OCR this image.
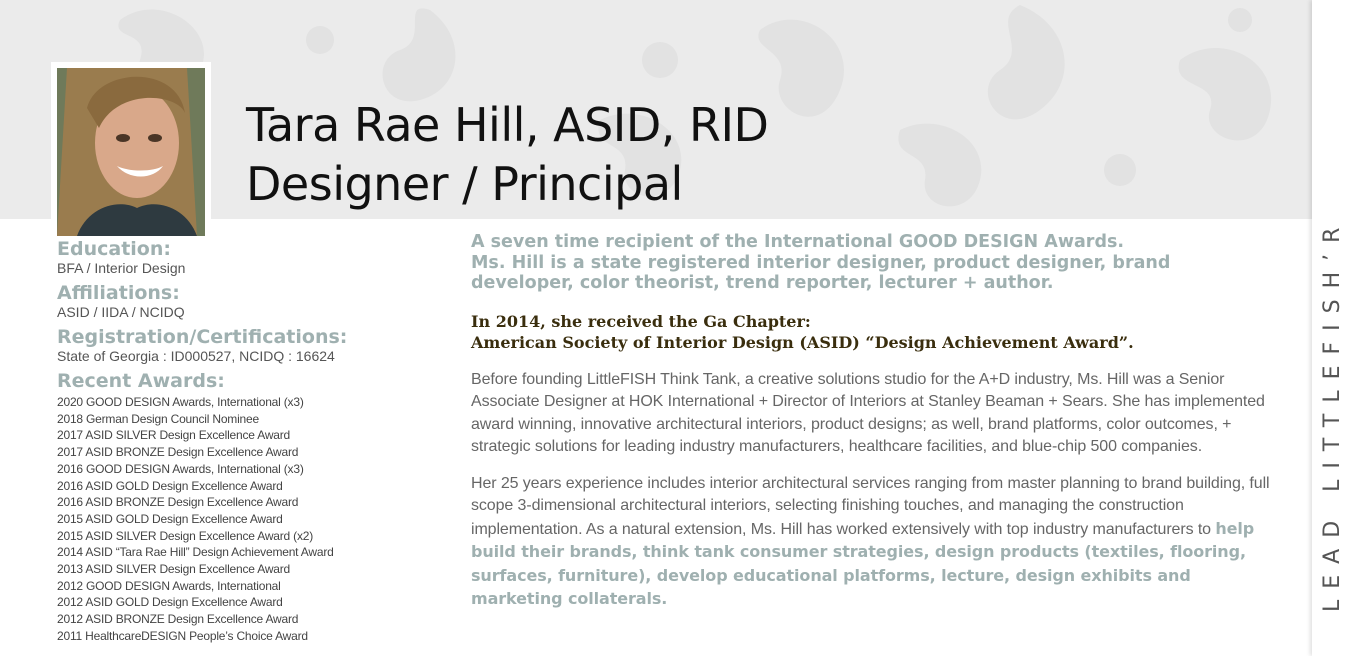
Tara Rae Hill, ASID, RID
Designer / Principal

Education:

BFA / Interior Design

Affiliations:

ASID / IIDA / NCIDQ

Registration/Certifications:

State of Georgia : ID000527, NCIDQ : 16624

Recent Awards:

2020 GOOD DESIGN Awards, International (x3)
2018 German Design Council Nominee
2017 ASID SILVER Design Excellence Award
2017 ASID BRONZE Design Excellence Award
2016 GOOD DESIGN Awards, International (x3)
2016 ASID GOLD Design Excellence Award
2016 ASID BRONZE Design Excellence Award
2015 ASID GOLD Design Excellence Award
2015 ASID SILVER Design Excellence Award (x2)
2014 ASID “Tara Rae Hill” Design Achievement Award
2013 ASID SILVER Design Excellence Award
2012 GOOD DESIGN Awards, International
2012 ASID GOLD Design Excellence Award
2012 ASID BRONZE Design Excellence Award
2011 HealthcareDESIGN People’s Choice Award

A seven time recipient of the International GOOD DESIGN Awards.
Ms. Hill is a state registered interior designer, product designer, brand developer, color theorist, trend reporter, lecturer + author.

In 2014, she received the Ga Chapter:
American Society of Interior Design (ASID) “Design Achievement Award”.

Before founding LittleFISH Think Tank, a creative solutions studio for the A+D industry, Ms. Hill was a Senior Associate Designer at HOK International + Director of Interiors at Stanley Beaman + Sears. She has implemented award winning, innovative architectural interiors, product designs; as well, brand platforms, color outcomes, + strategic solutions for leading industry manufacturers, healthcare facilities, and blue-chip 500 companies.

Her 25 years experience includes interior architectural services ranging from master planning to brand building, full scope 3-dimensional architectural interiors, selecting finishing touches, and managing the construction implementation. As a natural extension, Ms. Hill has worked extensively with top industry manufacturers to help build their brands, think tank consumer strategies, design products (textiles, flooring, surfaces, furniture), develop educational platforms, lecture, design exhibits and marketing collaterals.	LEAD LITTLEFISH’R
